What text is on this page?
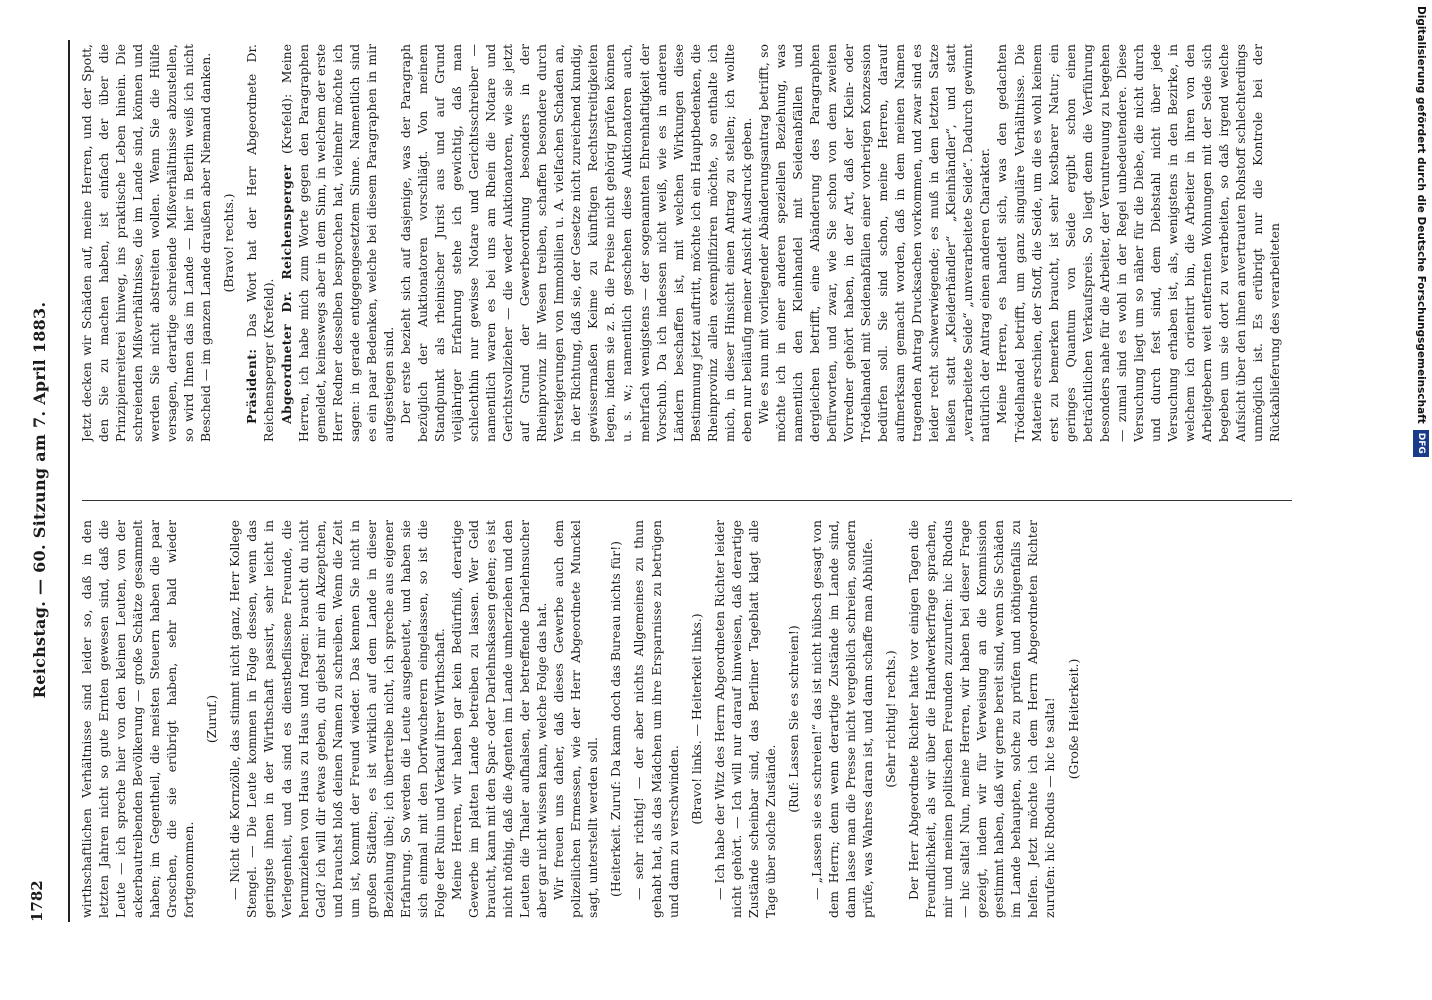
1782
Reichstag. — 60. Sitzung am 7. April 1883.

wirthschaftlichen Verhältnisse sind leider so, daß in den letzten Jahren nicht so gute Ernten gewesen sind, daß die Leute — ich spreche hier von den kleinen Leuten, von der ackerbautreibenden Bevölkerung — große Schätze gesammelt haben; im Gegentheil, die meisten Steuern haben die paar Groschen, die sie erübrigt haben, sehr bald wieder fortgenommen.

(Zuruf.) — Nicht die Kornzölle, das stimmt nicht ganz, Herr Kollege Stengel. — Die Leute kommen in Folge dessen, wenn das geringste ihnen in der Wirthschaft passirt, sehr leicht in Verlegenheit, und da sind es dienstbeflissene Freunde, die herumziehen von Haus zu Haus und fragen: braucht du nicht Geld? ich will dir etwas geben, du giebst mir ein Akzeptchen, und brauchst bloß deinen Namen zu schreiben. Wenn die Zeit um ist, kommt der Freund wieder. Das kennen Sie nicht in großen Städten; es ist wirklich auf dem Lande in dieser Beziehung übel; ich übertreibe nicht, ich spreche aus eigener Erfahrung. So werden die Leute ausgebeutet, und haben sie sich einmal mit den Dorfwucherern eingelassen, so ist die Folge der Ruin und Verkauf ihrer Wirthschaft. Meine Herren, wir haben gar kein Bedürfniß, derartige Gewerbe im platten Lande betreiben zu lassen. Wer Geld braucht, kann mit den Spar- oder Darlehnskassen gehen; es ist nicht nöthig, daß die Agenten im Lande umherziehen und den Leuten die Thaler aufhalsen, der betreffende Darlehnsucher aber gar nicht wissen kann, welche Folge das hat. Wir freuen uns daher, daß dieses Gewerbe auch dem polizeilichen Ermessen, wie der Herr Abgeordnete Munckel sagt, unterstellt werden soll. (Heiterkeit. Zuruf: Da kann doch das Bureau nichts für!) — sehr richtig! — der aber nichts Allgemeines zu thun gehabt hat, als das Mädchen um ihre Ersparnisse zu betrügen und dann zu verschwinden.

(Bravo! links. — Heiterkeit links.) — Ich habe der Witz des Herrn Abgeordneten Richter leider nicht gehört. — Ich will nur darauf hinweisen, daß derartige Zustände scheinbar sind, das Berliner Tageblatt klagt alle Tage über solche Zustände.

(Ruf: Lassen Sie es schreien!) — „Lassen sie es schreien!“ das ist nicht hübsch gesagt von dem Herrn; denn wenn derartige Zustände im Lande sind, dann lasse man die Presse nicht vergeblich schreien, sondern prüfe, was Wahres daran ist, und dann schaffe man Abhülfe. (Sehr richtig! rechts.) Der Herr Abgeordnete Richter hatte vor einigen Tagen die Freundlichkeit, als wir über die Handwerkerfrage sprachen, mir und meinen politischen Freunden zuzurufen: hic Rhodus — hic salta! Nun, meine Herren, wir haben bei dieser Frage gezeigt, indem wir für Verweisung an die Kommission gestimmt haben, daß wir gerne bereit sind, wenn Sie Schäden im Lande behaupten, solche zu prüfen und nöthigenfalls zu helfen. Jetzt möchte ich dem Herrn Abgeordneten Richter zurufen: hic Rhodus — hic te salta! (Große Heiterkeit.)

Jetzt decken wir Schäden auf, meine Herren, und der Spott, den Sie zu machen haben, ist einfach der über die Prinzipienreiterei hinweg, ins praktische Leben hinein. Die schreienden Mißverhältnisse, die im Lande sind, können und werden Sie nicht abstreiten wollen. Wenn Sie die Hülfe versagen, derartige schreiende Mißverhältnisse abzustellen, so wird Ihnen das im Lande — hier in Berlin weiß ich nicht Bescheid — im ganzen Lande draußen aber Niemand danken. (Bravo! rechts.)

Präsident: Das Wort hat der Herr Abgeordnete Dr. Reichensperger (Krefeld). Abgeordneter Dr. Reichensperger (Krefeld): Meine Herren, ich habe mich zum Worte gegen den Paragraphen gemeldet, keineswegs aber in dem Sinn, in welchem der erste Herr Redner desselben besprochen hat, vielmehr möchte ich sagen: in gerade entgegengesetztem Sinne. Namentlich sind es ein paar Bedenken, welche bei diesem Paragraphen in mir aufgestiegen sind. Der erste bezieht sich auf dasjenige, was der Paragraph bezüglich der Auktionatoren vorschlägt. Von meinem Standpunkt als rheinischer Jurist aus und auf Grund vieljähriger Erfahrung stehe ich gewichtig, daß man schlechthin nur gewisse Notare und Gerichtsschreiber — namentlich waren es bei uns am Rhein die Notare und Gerichtsvollzieher — die weder Auktionatoren, wie sie jetzt auf Grund der Gewerbeordnung besonders in der Rheinprovinz ihr Wesen treiben, schaffen besondere durch Versteigerungen von Immobilien u. A. vielfachen Schaden an, in der Richtung, daß sie, der Gesetze nicht zureichend kundig, gewissermaßen Keime zu künftigen Rechtsstreitigkeiten legen, indem sie z. B. die Preise nicht gehörig prüfen können u. s. w.; namentlich geschehen diese Auktionatoren auch, mehrfach wenigstens — der sogenannten Ehrenhaftigkeit der Vorschub. Da ich indessen nicht weiß, wie es in anderen Ländern beschaffen ist, mit welchen Wirkungen diese Bestimmung jetzt auftritt, möchte ich ein Hauptbedenken, die Rheinprovinz allein exemplifiziren möchte, so enthalte ich mich, in dieser Hinsicht einen Antrag zu stellen; ich wollte eben nur beiläufig meiner Ansicht Ausdruck geben. Wie es nun mit vorliegender Abänderungsantrag betrifft, so möchte ich in einer anderen speziellen Beziehung, was namentlich den Kleinhandel mit Seidenabfällen und dergleichen betrifft, eine Abänderung des Paragraphen befürworten, und zwar, wie Sie schon von dem zweiten Vorredner gehört haben, in der Art, daß der Klein- oder Trödelhandel mit Seidenabfällen einer vorherigen Konzession bedürfen soll. Sie sind schon, meine Herren, darauf aufmerksam gemacht worden, daß in dem meinen Namen tragenden Antrag Drucksachen vorkommen, und zwar sind es leider recht schwerwiegende; es muß in dem letzten Satze heißen statt „Kleiderhändler“ „Kleinhändler“, und statt „verarbeitete Seide“ „unverarbeitete Seide“. Dadurch gewinnt natürlich der Antrag einen anderen Charakter. Meine Herren, es handelt sich, was den gedachten Trödelhandel betrifft, um ganz singuläre Verhältnisse. Die Materie erschien, der Stoff, die Seide, um die es wohl keinem erst zu bemerken braucht, ist sehr kostbarer Natur; ein geringes Quantum von Seide ergibt schon einen beträchtlichen Verkaufspreis. So liegt denn die Verführung besonders nahe für die Arbeiter, der Veruntreuung zu begehen — zumal sind es wohl in der Regel unbedeutendere. Diese Versuchung liegt um so näher für die Diebe, die nicht durch und durch fest sind, dem Diebstahl nicht über jede Versuchung erhaben ist, als, wenigstens in den Bezirke, in welchem ich orientirt bin, die Arbeiter in ihren von den Arbeitgebern weit entfernten Wohnungen mit der Seide sich begeben um sie dort zu verarbeiten, so daß irgend welche Aufsicht über den ihnen anvertrauten Rohstoff schlechterdings unmöglich ist. Es erübrigt nur die Kontrole bei der Rückablieferung des verarbeiteten	Digitalisierung gefördert durch die Deutsche ForschungsgemeinschaftDFG
